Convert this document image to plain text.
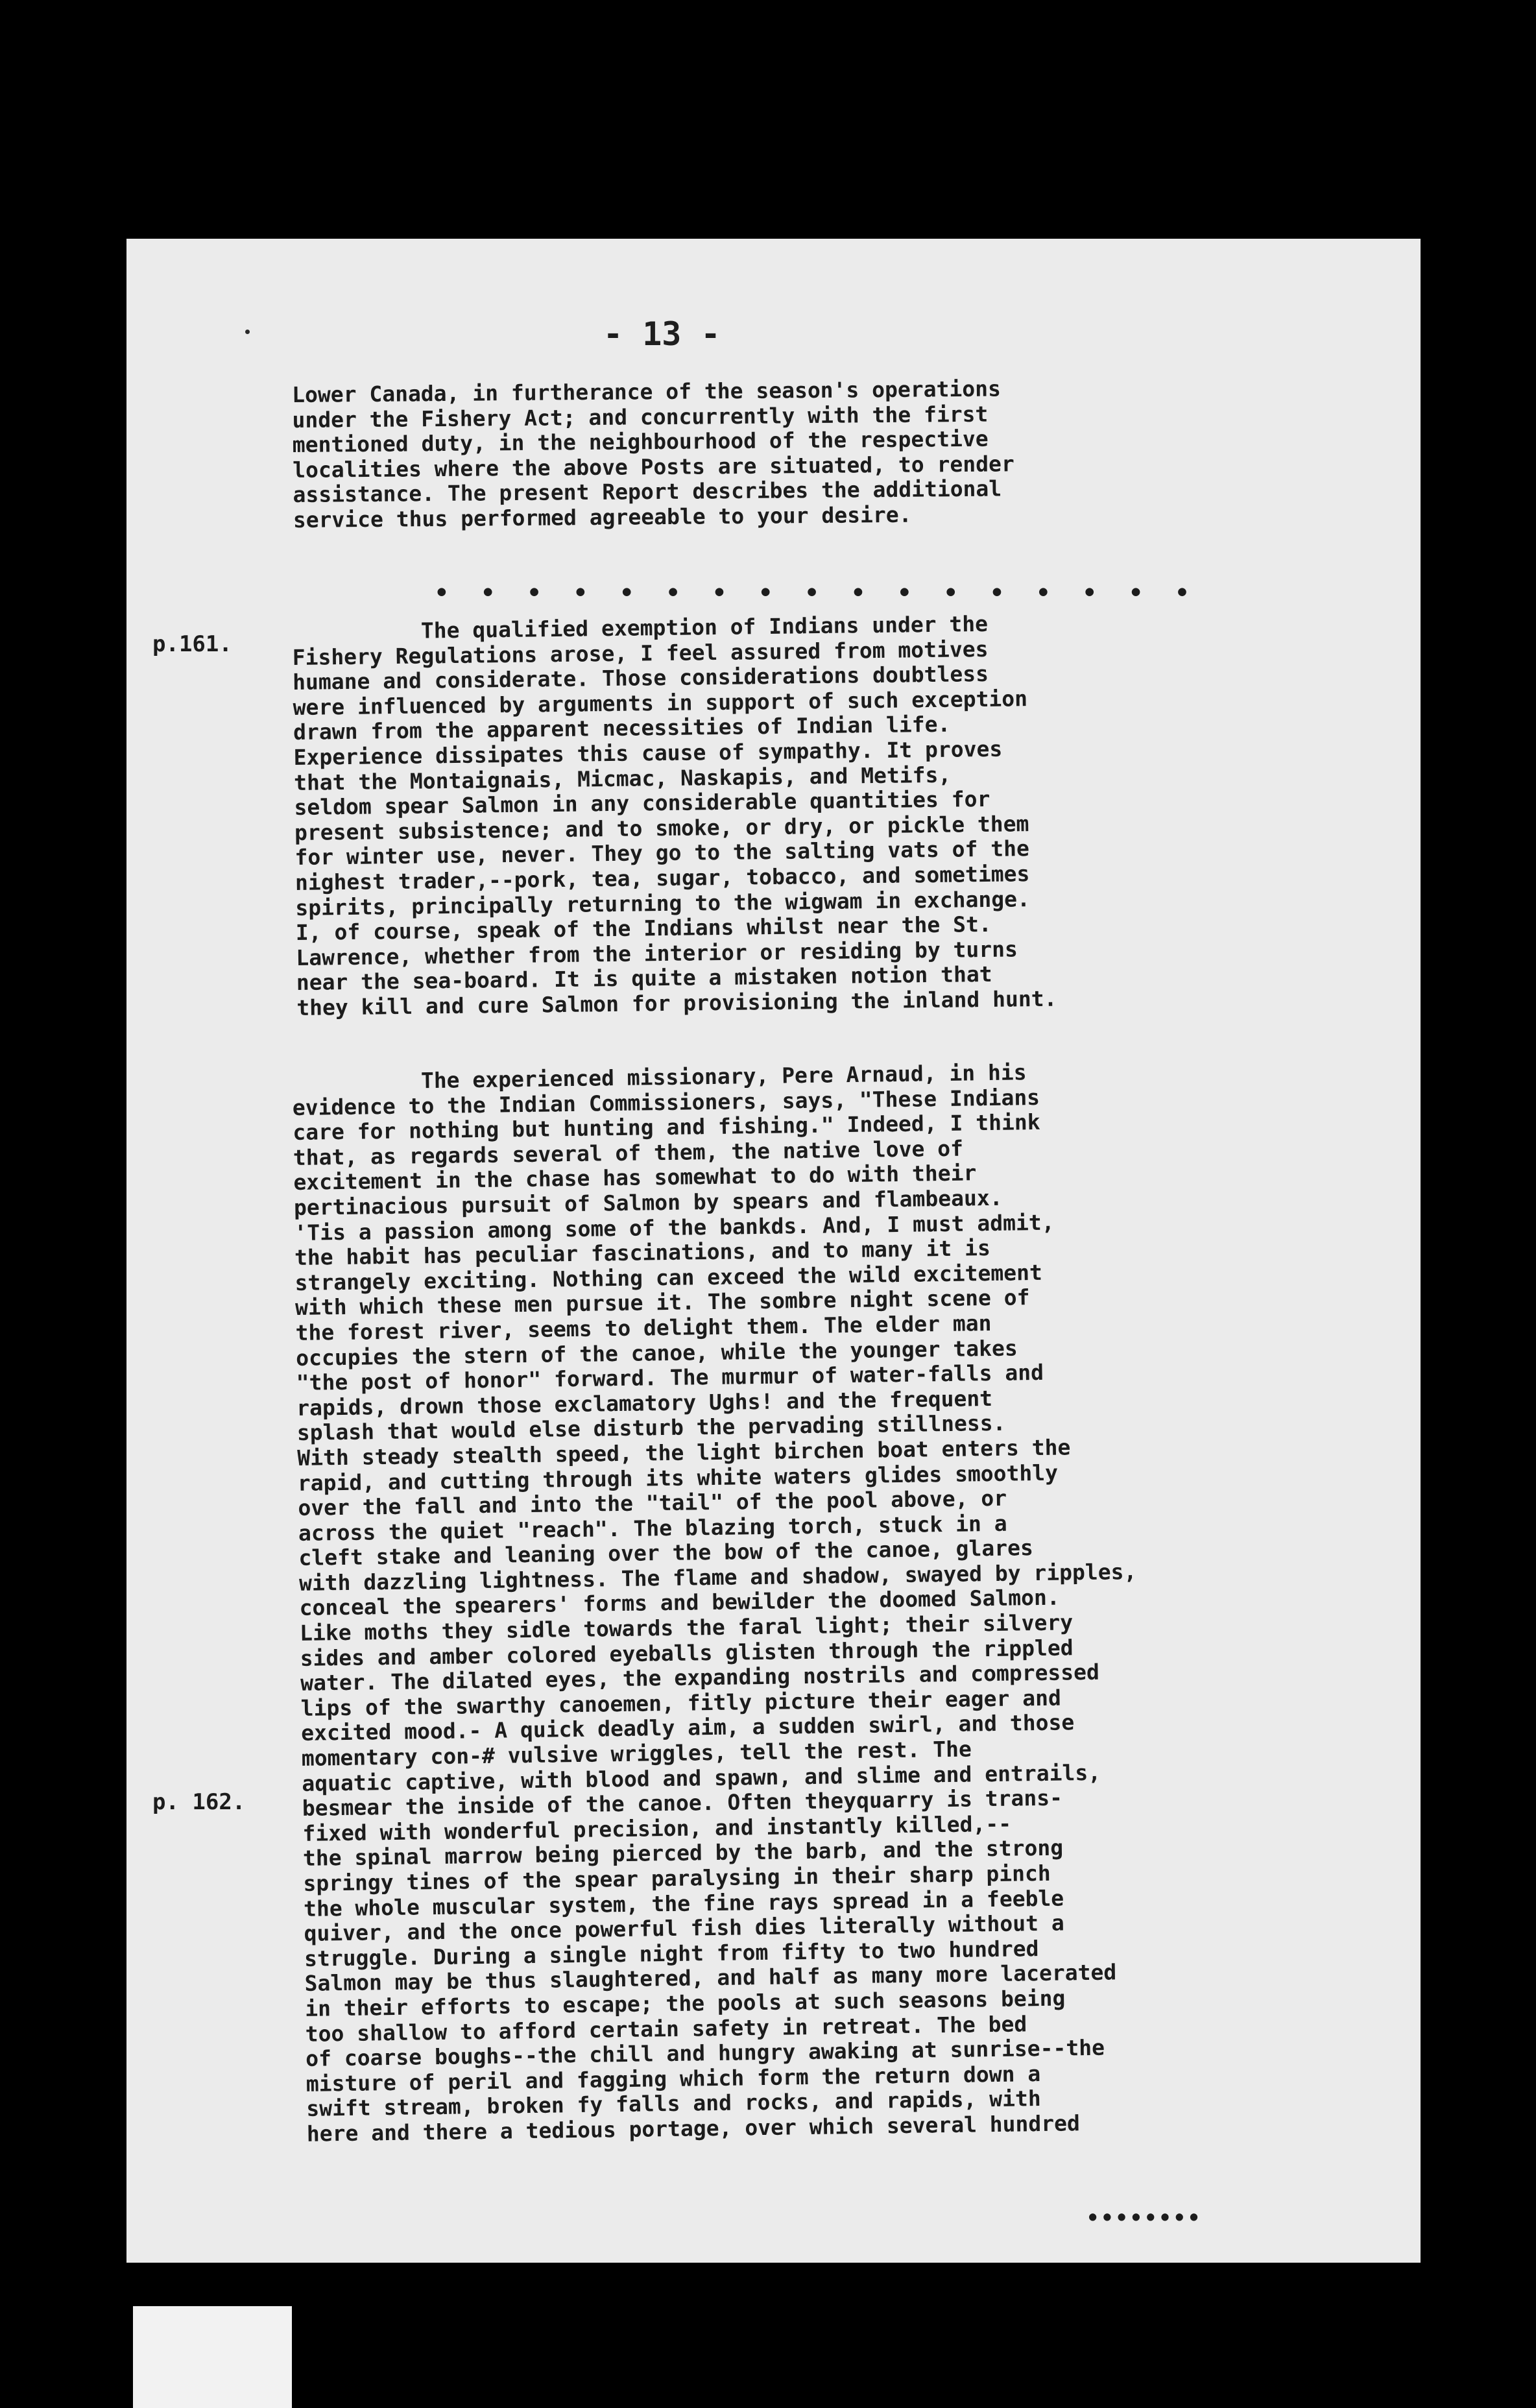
- 13 -

Lower Canada, in furtherance of the season's operations
under the Fishery Act; and concurrently with the first
mentioned duty, in the neighbourhood of the respective
localities where the above Posts are situated, to render
assistance. The present Report describes the additional
service thus performed agreeable to your desire.

• • • • • • • • • • • • • • • • •

p.161.	The qualified exemption of Indians under the
Fishery Regulations arose, I feel assured from motives
humane and considerate. Those considerations doubtless
were influenced by arguments in support of such exception
drawn from the apparent necessities of Indian life.
Experience dissipates this cause of sympathy. It proves
that the Montaignais, Micmac, Naskapis, and Metifs,
seldom spear Salmon in any considerable quantities for
present subsistence; and to smoke, or dry, or pickle them
for winter use, never. They go to the salting vats of the
nighest trader,--pork, tea, sugar, tobacco, and sometimes
spirits, principally returning to the wigwam in exchange.
I, of course, speak of the Indians whilst near the St.
Lawrence, whether from the interior or residing by turns
near the sea-board. It is quite a mistaken notion that
they kill and cure Salmon for provisioning the inland hunt.

p. 162.

The experienced missionary, Pere Arnaud, in his
evidence to the Indian Commissioners, says, "These Indians
care for nothing but hunting and fishing." Indeed, I think
that, as regards several of them, the native love of
excitement in the chase has somewhat to do with their
pertinacious pursuit of Salmon by spears and flambeaux.
'Tis a passion among some of the bankds. And, I must admit,
the habit has peculiar fascinations, and to many it is
strangely exciting. Nothing can exceed the wild excitement
with which these men pursue it. The sombre night scene of
the forest river, seems to delight them. The elder man
occupies the stern of the canoe, while the younger takes
"the post of honor" forward. The murmur of water-falls and
rapids, drown those exclamatory Ughs! and the frequent
splash that would else disturb the pervading stillness.
With steady stealth speed, the light birchen boat enters the
rapid, and cutting through its white waters glides smoothly
over the fall and into the "tail" of the pool above, or
across the quiet "reach". The blazing torch, stuck in a
cleft stake and leaning over the bow of the canoe, glares
with dazzling lightness. The flame and shadow, swayed by ripples,
conceal the spearers' forms and bewilder the doomed Salmon.
Like moths they sidle towards the faral light; their silvery
sides and amber colored eyeballs glisten through the rippled
water. The dilated eyes, the expanding nostrils and compressed
lips of the swarthy canoemen, fitly picture their eager and
excited mood.- A quick deadly aim, a sudden swirl, and those
momentary con-# vulsive wriggles, tell the rest. The
aquatic captive, with blood and spawn, and slime and entrails,
besmear the inside of the canoe. Often theyquarry is trans-
fixed with wonderful precision, and instantly killed,--
the spinal marrow being pierced by the barb, and the strong
springy tines of the spear paralysing in their sharp pinch
the whole muscular system, the fine rays spread in a feeble
quiver, and the once powerful fish dies literally without a
struggle. During a single night from fifty to two hundred
Salmon may be thus slaughtered, and half as many more lacerated
in their efforts to escape; the pools at such seasons being
too shallow to afford certain safety in retreat. The bed
of coarse boughs--the chill and hungry awaking at sunrise--the
misture of peril and fagging which form the return down a
swift stream, broken fy falls and rocks, and rapids, with
here and there a tedious portage, over which several hundred

••••••••
